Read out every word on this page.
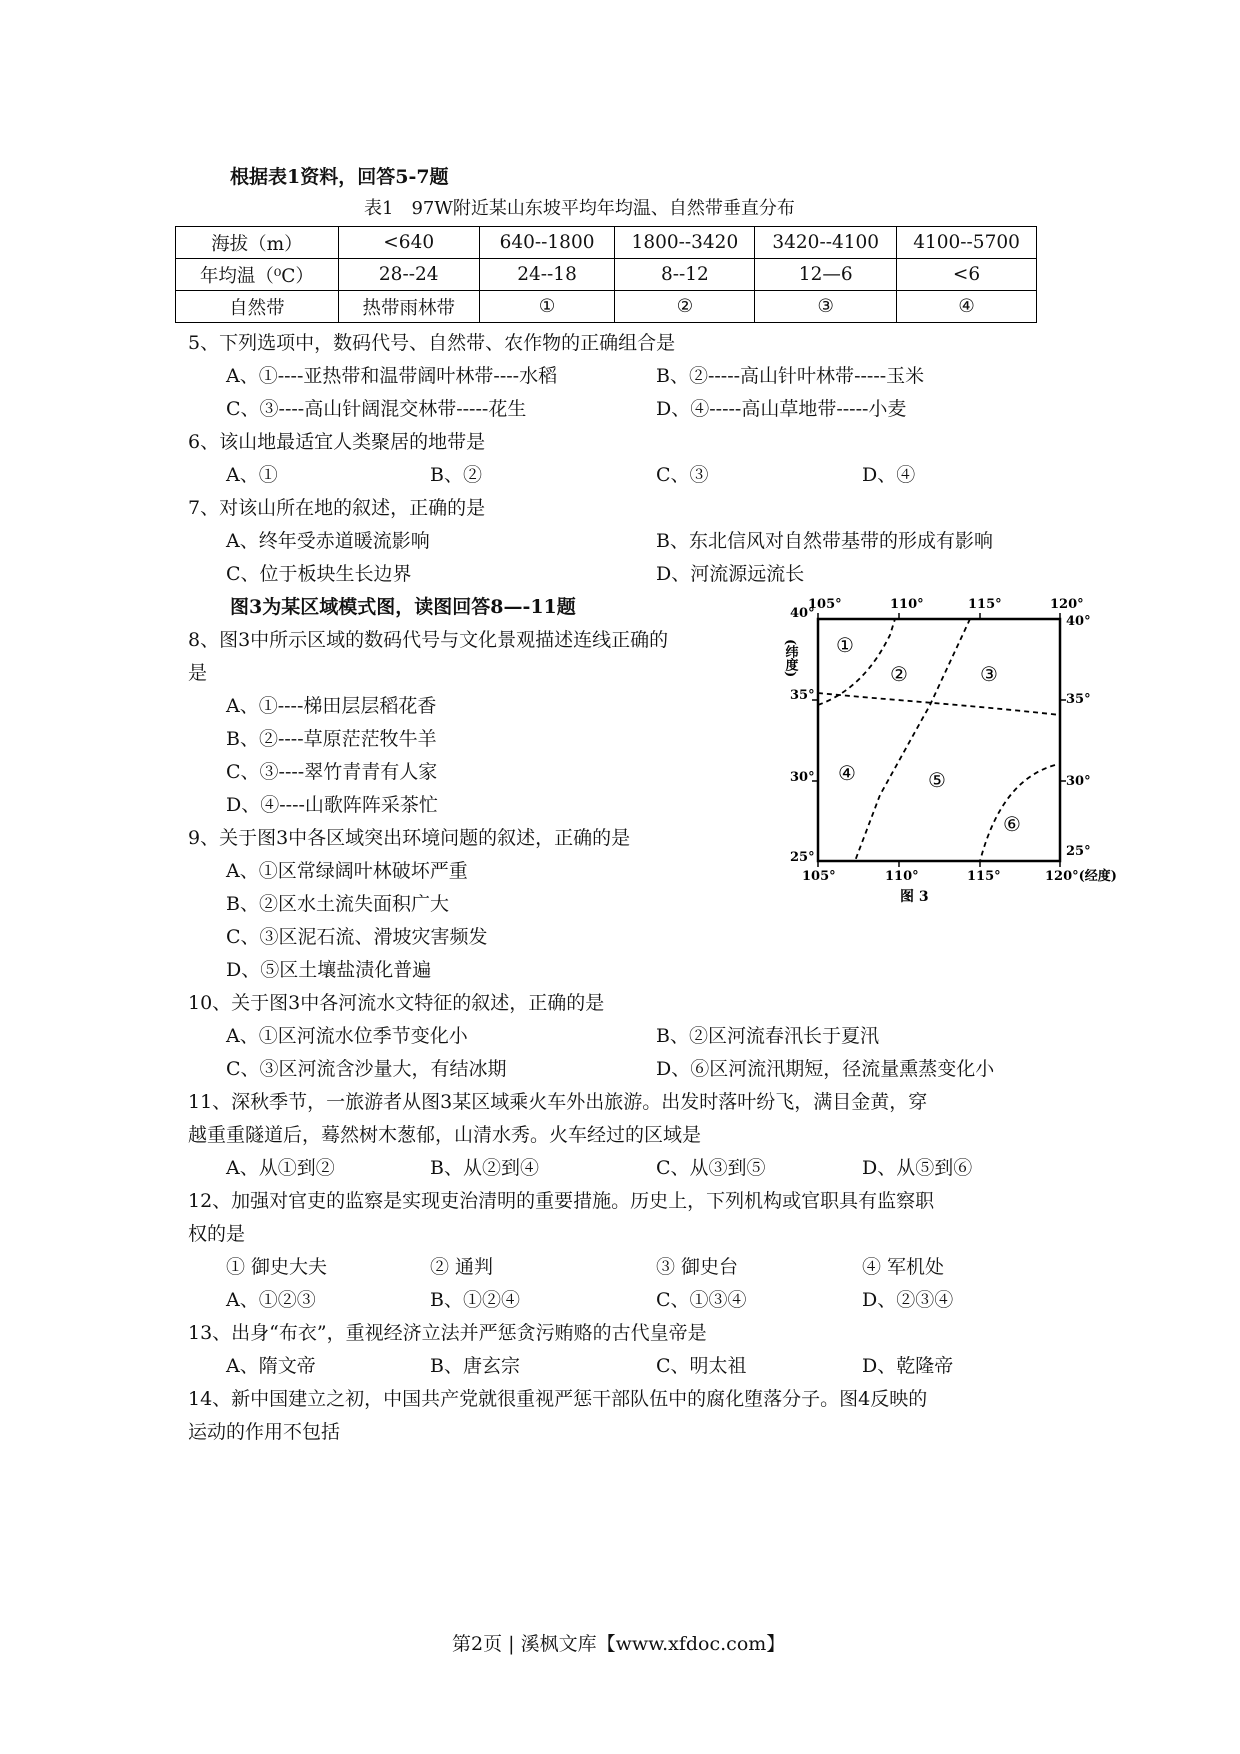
根据表1资料，回答5-7题
表1　97W附近某山东坡平均年均温、自然带垂直分布
海拔（m）	<640	640--1800	1800--3420	3420--4100	4100--5700
年均温（⁰C）	28--24	24--18	8--12	12—6	<6
自然带	热带雨林带	①	②	③	④
5、下列选项中，数码代号、自然带、农作物的正确组合是
A、①----亚热带和温带阔叶林带----水稻	B、②-----高山针叶林带-----玉米
C、③----高山针阔混交林带-----花生	D、④-----高山草地带-----小麦
6、该山地最适宜人类聚居的地带是
A、①	B、②	C、③	D、④
7、对该山所在地的叙述，正确的是
A、终年受赤道暖流影响	B、东北信风对自然带基带的形成有影响
C、位于板块生长边界	D、河流源远流长
图3为某区域模式图，读图回答8—-11题
8、图3中所示区域的数码代号与文化景观描述连线正确的
是
A、①----梯田层层稻花香
B、②----草原茫茫牧牛羊
C、③----翠竹青青有人家
D、④----山歌阵阵采茶忙
9、关于图3中各区域突出环境问题的叙述，正确的是
A、①区常绿阔叶林破坏严重
B、②区水土流失面积广大
C、③区泥石流、滑坡灾害频发
D、⑤区土壤盐渍化普遍
105°	110°	115°	120°
105°	110°	115°	120°(经度)
40°
35°
30°
25°
40°
35°
30°
25°
(纬度) ①
②	③
④	⑤
⑥
图 3
10、关于图3中各河流水文特征的叙述，正确的是
A、①区河流水位季节变化小	B、②区河流春汛长于夏汛
C、③区河流含沙量大，有结冰期	D、⑥区河流汛期短，径流量熏蒸变化小
11、深秋季节，一旅游者从图3某区域乘火车外出旅游。出发时落叶纷飞，满目金黄，穿
越重重隧道后，蓦然树木葱郁，山清水秀。火车经过的区域是
A、从①到②	B、从②到④	C、从③到⑤	D、从⑤到⑥
12、加强对官吏的监察是实现吏治清明的重要措施。历史上，下列机构或官职具有监察职
权的是
① 御史大夫	② 通判	③ 御史台	④ 军机处
A、①②③	B、①②④	C、①③④	D、②③④
13、出身“布衣”，重视经济立法并严惩贪污贿赂的古代皇帝是
A、隋文帝	B、唐玄宗	C、明太祖	D、乾隆帝
14、新中国建立之初，中国共产党就很重视严惩干部队伍中的腐化堕落分子。图4反映的
运动的作用不包括
第2页 | 溪枫文库【www.xfdoc.com】
